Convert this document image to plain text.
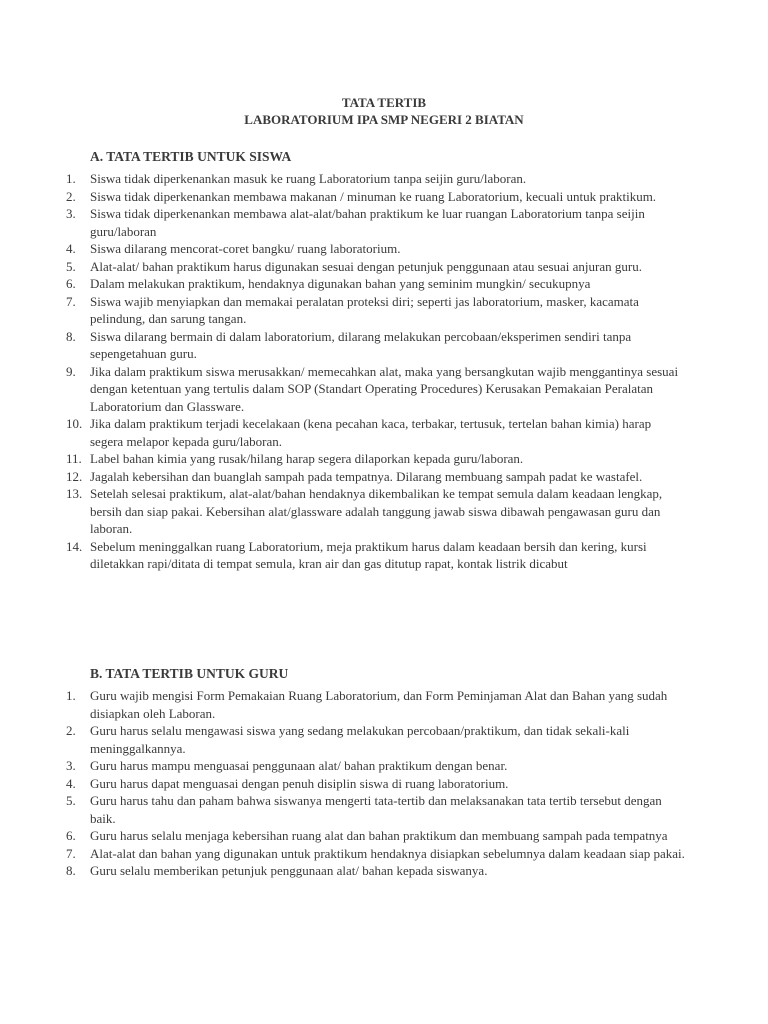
TATA TERTIB
LABORATORIUM IPA SMP NEGERI 2 BIATAN
A. TATA TERTIB UNTUK SISWA
1. Siswa tidak diperkenankan masuk ke ruang Laboratorium tanpa seijin guru/laboran.
2. Siswa tidak diperkenankan membawa makanan / minuman ke ruang Laboratorium, kecuali untuk praktikum.
3. Siswa tidak diperkenankan membawa alat-alat/bahan praktikum ke luar ruangan Laboratorium tanpa seijin guru/laboran
4. Siswa dilarang mencorat-coret bangku/ ruang laboratorium.
5. Alat-alat/ bahan praktikum harus digunakan sesuai dengan petunjuk penggunaan atau sesuai anjuran guru.
6. Dalam melakukan praktikum, hendaknya digunakan bahan yang seminim mungkin/ secukupnya
7. Siswa wajib menyiapkan dan memakai peralatan proteksi diri; seperti jas laboratorium, masker, kacamata pelindung, dan sarung tangan.
8. Siswa dilarang bermain di dalam laboratorium, dilarang melakukan percobaan/eksperimen sendiri tanpa sepengetahuan guru.
9. Jika dalam praktikum siswa merusakkan/ memecahkan alat, maka yang bersangkutan wajib menggantinya sesuai dengan ketentuan yang tertulis dalam SOP (Standart Operating Procedures) Kerusakan Pemakaian Peralatan Laboratorium dan Glassware.
10. Jika dalam praktikum terjadi kecelakaan (kena pecahan kaca, terbakar, tertusuk, tertelan bahan kimia) harap segera melapor kepada guru/laboran.
11. Label bahan kimia yang rusak/hilang harap segera dilaporkan kepada guru/laboran.
12. Jagalah kebersihan dan buanglah sampah pada tempatnya. Dilarang membuang sampah padat ke wastafel.
13. Setelah selesai praktikum, alat-alat/bahan hendaknya dikembalikan ke tempat semula dalam keadaan lengkap, bersih dan siap pakai. Kebersihan alat/glassware adalah tanggung jawab siswa dibawah pengawasan guru dan laboran.
14. Sebelum meninggalkan ruang Laboratorium, meja praktikum harus dalam keadaan bersih dan kering, kursi diletakkan rapi/ditata di tempat semula, kran air dan gas ditutup rapat, kontak listrik dicabut
B. TATA TERTIB UNTUK GURU
1. Guru wajib mengisi Form Pemakaian Ruang Laboratorium, dan Form Peminjaman Alat dan Bahan yang sudah disiapkan oleh Laboran.
2. Guru harus selalu mengawasi siswa yang sedang melakukan percobaan/praktikum, dan tidak sekali-kali meninggalkannya.
3. Guru harus mampu menguasai penggunaan alat/ bahan praktikum dengan benar.
4. Guru harus dapat menguasai dengan penuh disiplin siswa di ruang laboratorium.
5. Guru harus tahu dan paham bahwa siswanya mengerti tata-tertib dan melaksanakan tata tertib tersebut dengan baik.
6. Guru harus selalu menjaga kebersihan ruang alat dan bahan praktikum dan membuang sampah pada tempatnya
7. Alat-alat dan bahan yang digunakan untuk praktikum hendaknya disiapkan sebelumnya dalam keadaan siap pakai.
8. Guru selalu memberikan petunjuk penggunaan alat/ bahan kepada siswanya.
